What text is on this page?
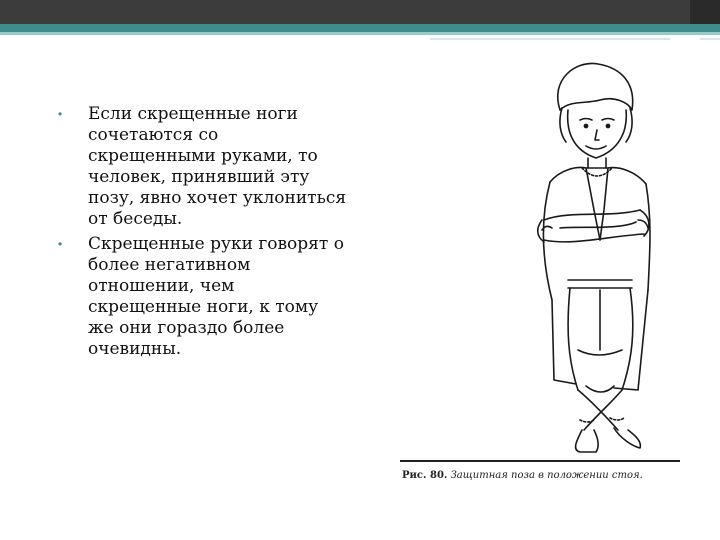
• Если скрещенные ноги сочетаются со скрещенными руками, то человек, принявший эту позу, явно хочет уклониться от беседы.
• Скрещенные руки говорят о более негативном отношении, чем скрещенные ноги, к тому же они гораздо более очевидны.
Рис. 80. Защитная поза в положении стоя.
